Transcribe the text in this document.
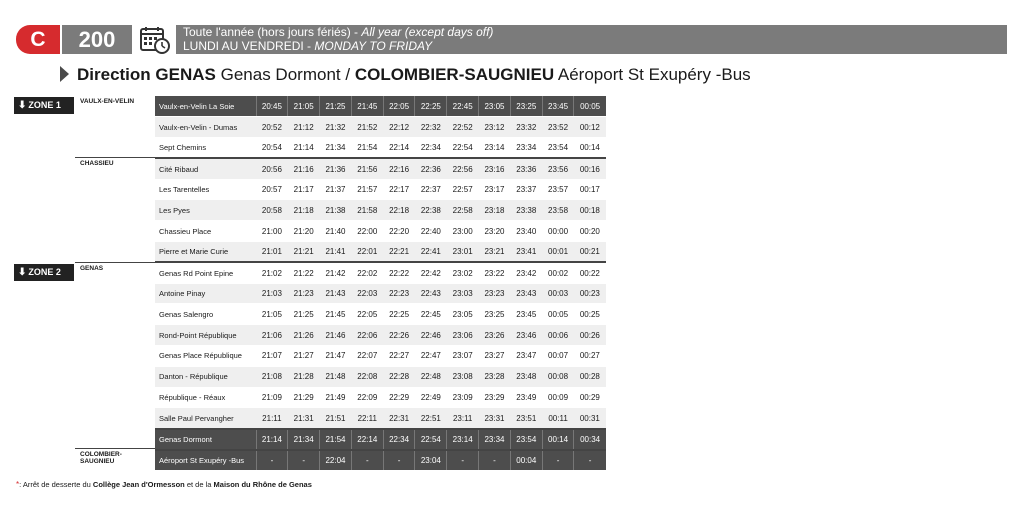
C	200	Toute l'année (hors jours fériés) - All year (except days off)
LUNDI AU VENDREDI - MONDAY TO FRIDAY
Direction GENAS Genas Dormont / COLOMBIER-SAUGNIEU Aéroport St Exupéry -Bus
⬇ ZONE 1
⬇ ZONE 2
VAULX-EN-VELIN
CHASSIEU
GENAS
COLOMBIER- SAUGNIEU
Vaulx-en-Velin La Soie	20:45	21:05	21:25	21:45	22:05	22:25	22:45	23:05	23:25	23:45	00:05
Vaulx-en-Velin - Dumas	20:52	21:12	21:32	21:52	22:12	22:32	22:52	23:12	23:32	23:52	00:12
Sept Chemins	20:54	21:14	21:34	21:54	22:14	22:34	22:54	23:14	23:34	23:54	00:14
Cité Ribaud	20:56	21:16	21:36	21:56	22:16	22:36	22:56	23:16	23:36	23:56	00:16
Les Tarentelles	20:57	21:17	21:37	21:57	22:17	22:37	22:57	23:17	23:37	23:57	00:17
Les Pyes	20:58	21:18	21:38	21:58	22:18	22:38	22:58	23:18	23:38	23:58	00:18
Chassieu Place	21:00	21:20	21:40	22:00	22:20	22:40	23:00	23:20	23:40	00:00	00:20
Pierre et Marie Curie	21:01	21:21	21:41	22:01	22:21	22:41	23:01	23:21	23:41	00:01	00:21
Genas Rd Point Epine	21:02	21:22	21:42	22:02	22:22	22:42	23:02	23:22	23:42	00:02	00:22
Antoine Pinay	21:03	21:23	21:43	22:03	22:23	22:43	23:03	23:23	23:43	00:03	00:23
Genas Salengro	21:05	21:25	21:45	22:05	22:25	22:45	23:05	23:25	23:45	00:05	00:25
Rond-Point République	21:06	21:26	21:46	22:06	22:26	22:46	23:06	23:26	23:46	00:06	00:26
Genas Place République	21:07	21:27	21:47	22:07	22:27	22:47	23:07	23:27	23:47	00:07	00:27
Danton - République	21:08	21:28	21:48	22:08	22:28	22:48	23:08	23:28	23:48	00:08	00:28
République - Réaux	21:09	21:29	21:49	22:09	22:29	22:49	23:09	23:29	23:49	00:09	00:29
Salle Paul Pervangher	21:11	21:31	21:51	22:11	22:31	22:51	23:11	23:31	23:51	00:11	00:31
Genas Dormont	21:14	21:34	21:54	22:14	22:34	22:54	23:14	23:34	23:54	00:14	00:34
Aéroport St Exupéry -Bus	-	-	22:04	-	-	23:04	-	-	00:04	-	-
*: Arrêt de desserte du Collège Jean d'Ormesson et de la Maison du Rhône de Genas
